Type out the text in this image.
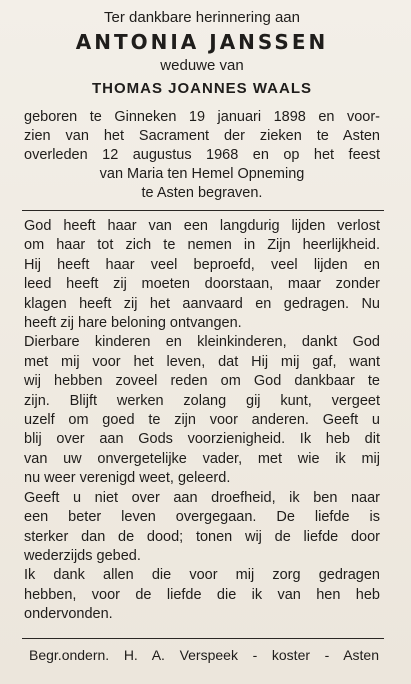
Ter dankbare herinnering aan
ANTONIA JANSSEN
weduwe van
THOMAS JOANNES WAALS
geboren te Ginneken 19 januari 1898 en voor-
zien van het Sacrament der zieken te Asten
overleden 12 augustus 1968 en op het feest
van Maria ten Hemel Opneming
te Asten begraven.
God heeft haar van een langdurig lijden verlost
om haar tot zich te nemen in Zijn heerlijkheid.
Hij heeft haar veel beproefd, veel lijden en
leed heeft zij moeten doorstaan, maar zonder
klagen heeft zij het aanvaard en gedragen. Nu
heeft zij hare beloning ontvangen.
Dierbare kinderen en kleinkinderen, dankt God
met mij voor het leven, dat Hij mij gaf, want
wij hebben zoveel reden om God dankbaar te
zijn. Blijft werken zolang gij kunt, vergeet
uzelf om goed te zijn voor anderen. Geeft u
blij over aan Gods voorzienigheid. Ik heb dit
van uw onvergetelijke vader, met wie ik mij
nu weer verenigd weet, geleerd.
Geeft u niet over aan droefheid, ik ben naar
een beter leven overgegaan. De liefde is
sterker dan de dood; tonen wij de liefde door
wederzijds gebed.
Ik dank allen die voor mij zorg gedragen
hebben, voor de liefde die ik van hen heb
ondervonden.
Begr.ondern. H. A. Verspeek - koster - Asten
